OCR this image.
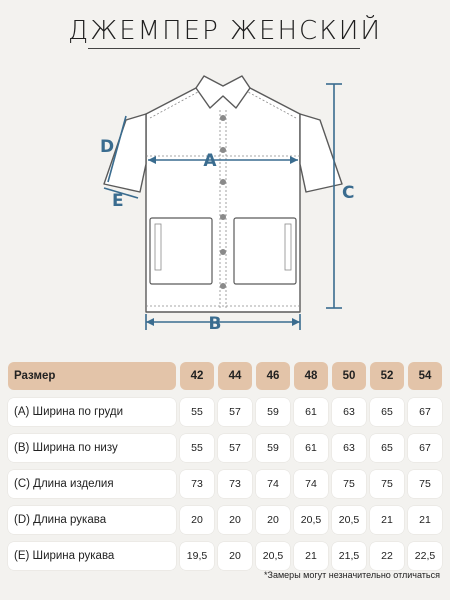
ДЖЕМПЕР ЖЕНСКИЙ
A
B
C
D
E
Размер	42	44	46	48	50	52	54
(A) Ширина по груди	55	57	59	61	63	65	67
(B) Ширина по низу	55	57	59	61	63	65	67
(C) Длина изделия	73	73	74	74	75	75	75
(D) Длина рукава	20	20	20	20,5	20,5	21	21
(E) Ширина рукава	19,5	20	20,5	21	21,5	22	22,5
*Замеры могут незначительно отличаться
